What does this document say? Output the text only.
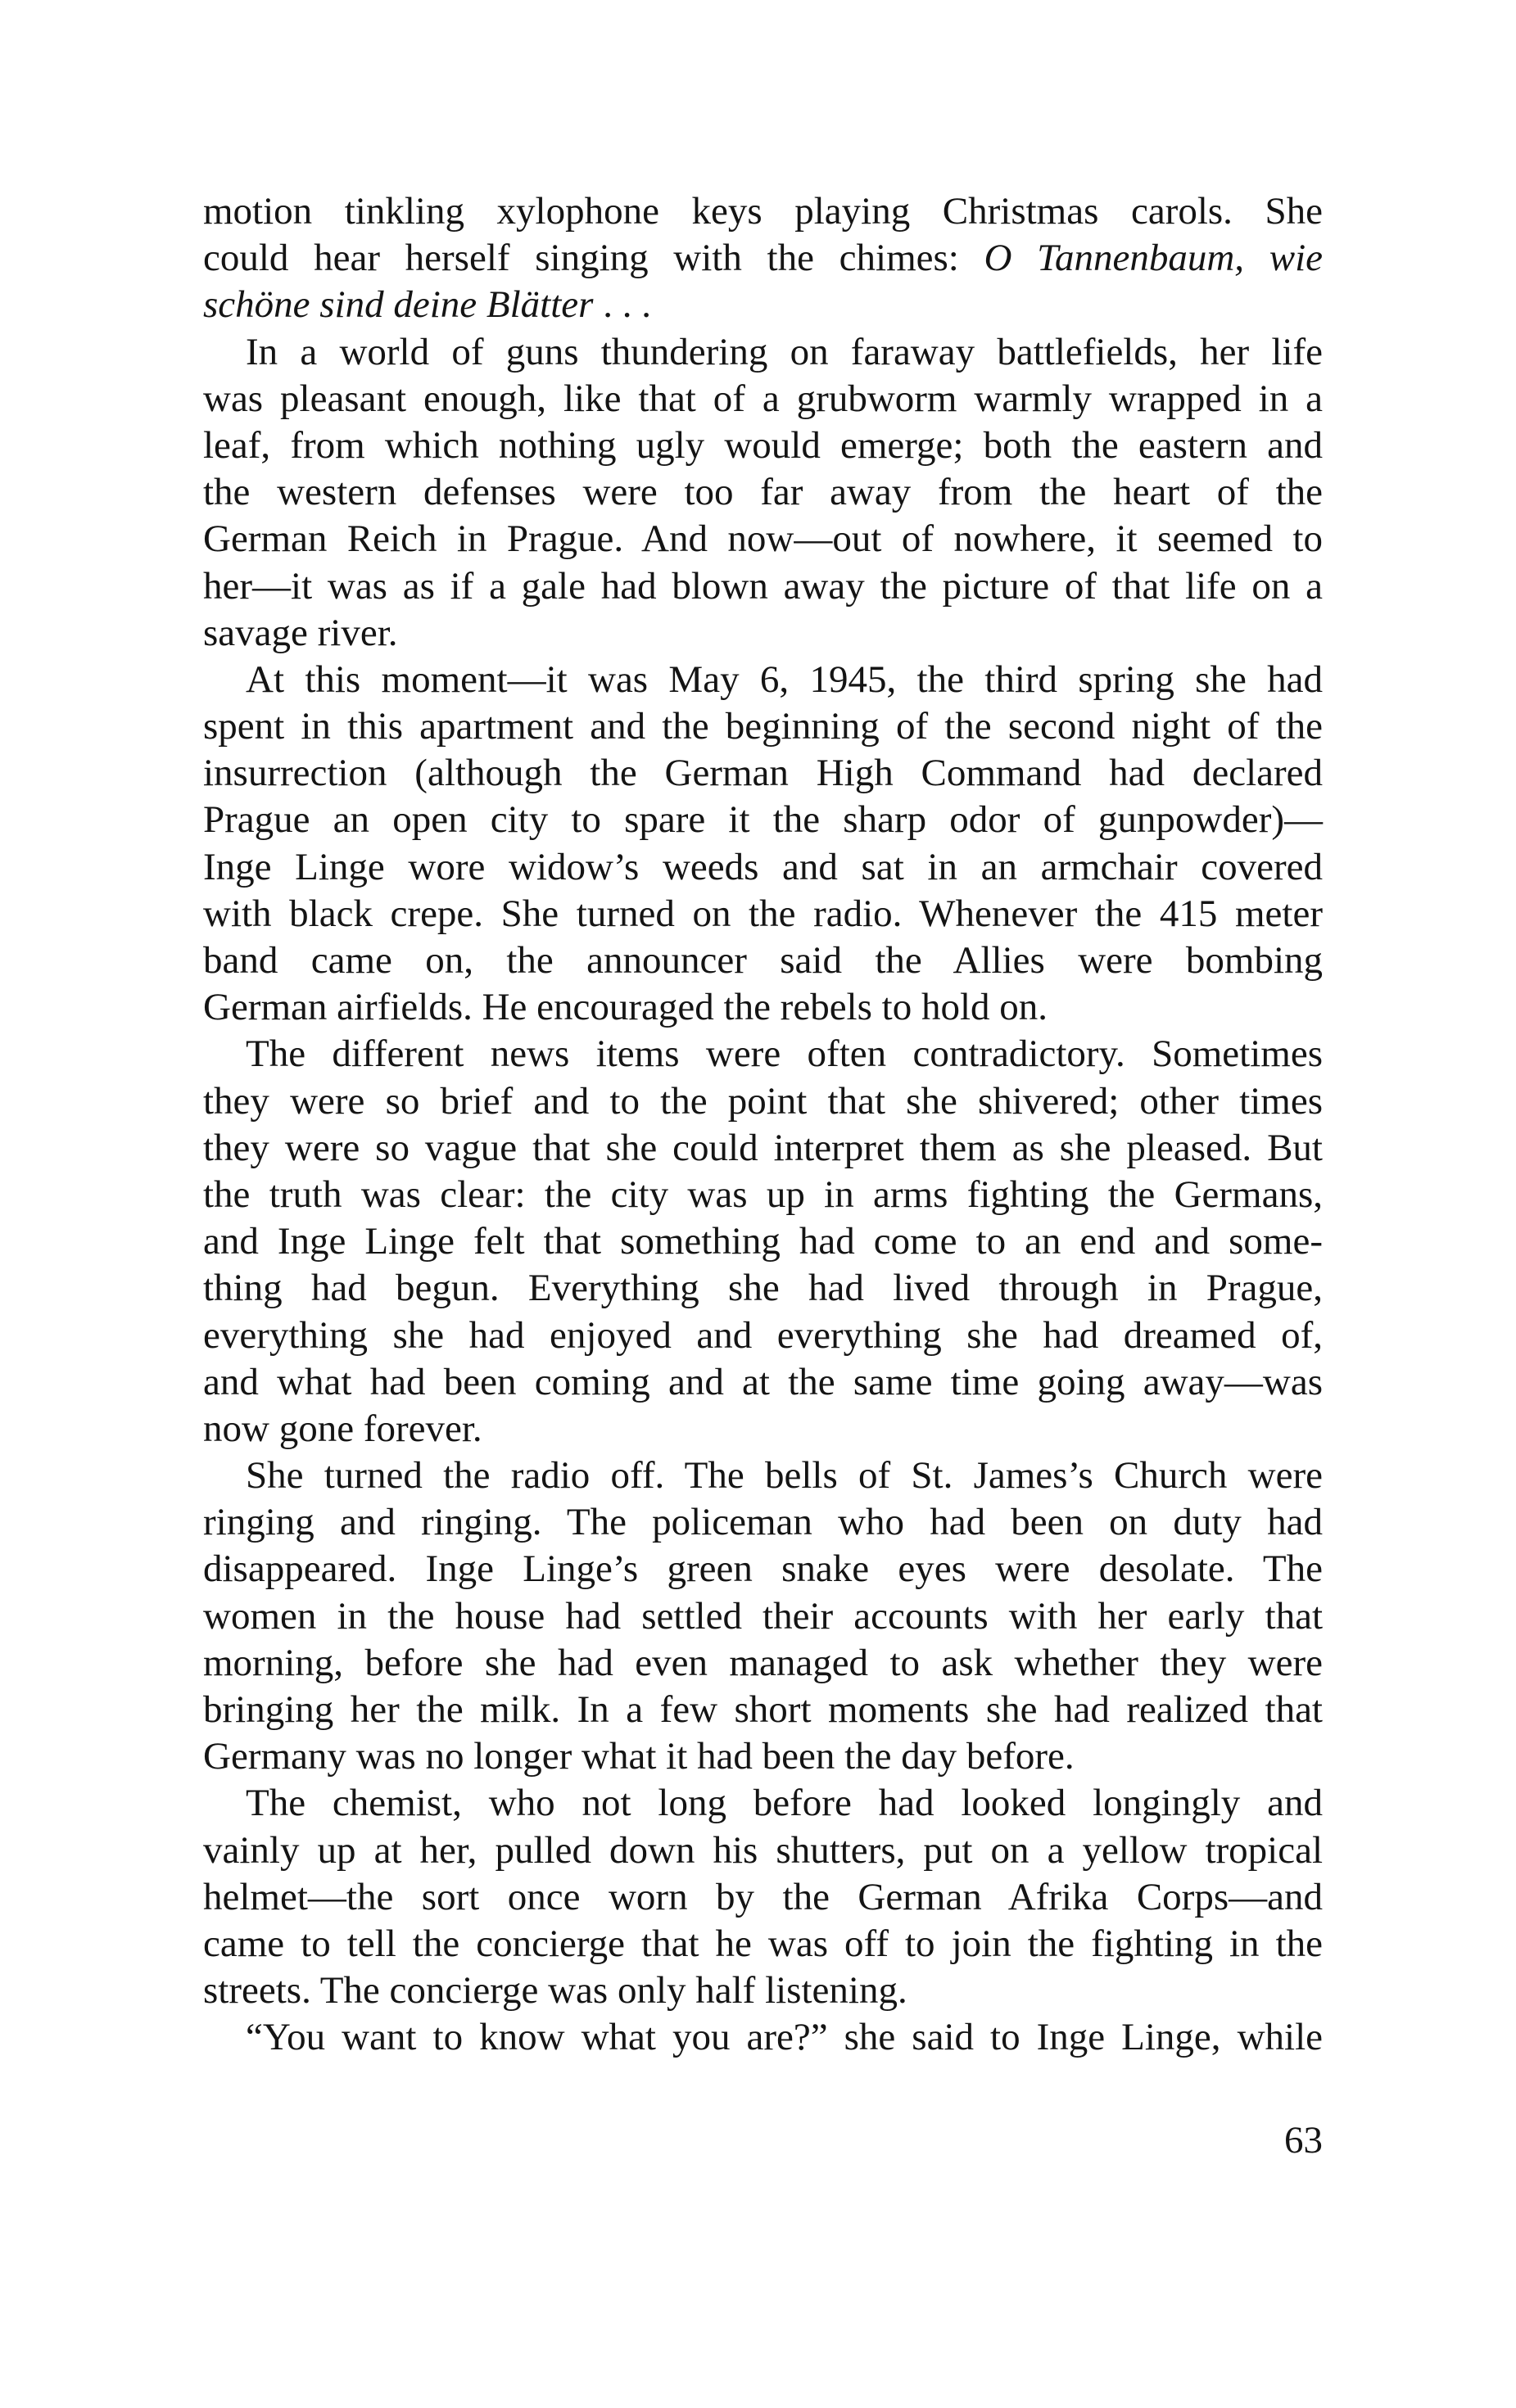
motion tinkling xylophone keys playing Christmas carols. She
could hear herself singing with the chimes: O Tannenbaum, wie
schöne sind deine Blätter . . .
In a world of guns thundering on faraway battlefields, her life
was pleasant enough, like that of a grubworm warmly wrapped in a
leaf, from which nothing ugly would emerge; both the eastern and
the western defenses were too far away from the heart of the
German Reich in Prague. And now—out of nowhere, it seemed to
her—it was as if a gale had blown away the picture of that life on a
savage river.
At this moment—it was May 6, 1945, the third spring she had
spent in this apartment and the beginning of the second night of the
insurrection (although the German High Command had declared
Prague an open city to spare it the sharp odor of gunpowder)—
Inge Linge wore widow’s weeds and sat in an armchair covered
with black crepe. She turned on the radio. Whenever the 415 meter
band came on, the announcer said the Allies were bombing
German airfields. He encouraged the rebels to hold on.
The different news items were often contradictory. Sometimes
they were so brief and to the point that she shivered; other times
they were so vague that she could interpret them as she pleased. But
the truth was clear: the city was up in arms fighting the Germans,
and Inge Linge felt that something had come to an end and some-
thing had begun. Everything she had lived through in Prague,
everything she had enjoyed and everything she had dreamed of,
and what had been coming and at the same time going away—was
now gone forever.
She turned the radio off. The bells of St. James’s Church were
ringing and ringing. The policeman who had been on duty had
disappeared. Inge Linge’s green snake eyes were desolate. The
women in the house had settled their accounts with her early that
morning, before she had even managed to ask whether they were
bringing her the milk. In a few short moments she had realized that
Germany was no longer what it had been the day before.
The chemist, who not long before had looked longingly and
vainly up at her, pulled down his shutters, put on a yellow tropical
helmet—the sort once worn by the German Afrika Corps—and
came to tell the concierge that he was off to join the fighting in the
streets. The concierge was only half listening.
“You want to know what you are?” she said to Inge Linge, while
63
